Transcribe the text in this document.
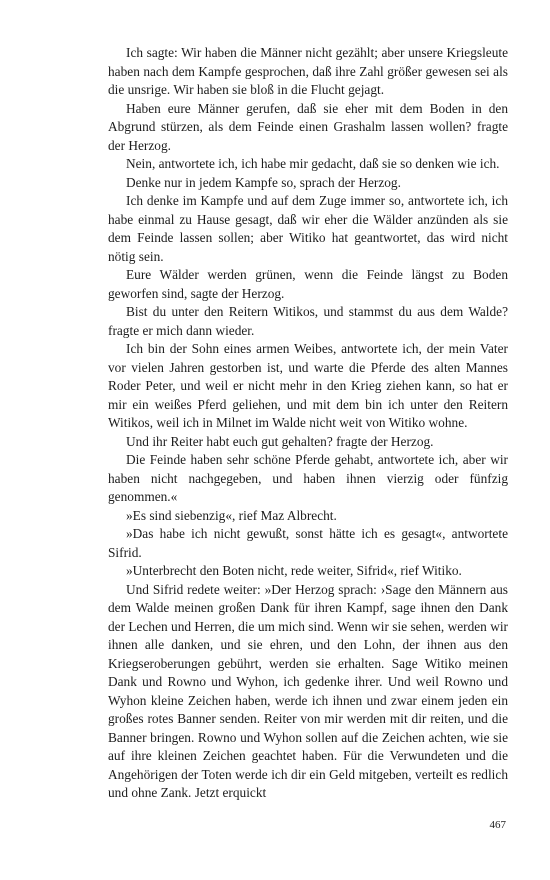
Ich sagte: Wir haben die Männer nicht gezählt; aber unsere Kriegsleute haben nach dem Kampfe gesprochen, daß ihre Zahl größer gewesen sei als die unsrige. Wir haben sie bloß in die Flucht gejagt.

Haben eure Männer gerufen, daß sie eher mit dem Boden in den Abgrund stürzen, als dem Feinde einen Grashalm lassen wollen? fragte der Herzog.

Nein, antwortete ich, ich habe mir gedacht, daß sie so denken wie ich.

Denke nur in jedem Kampfe so, sprach der Herzog.

Ich denke im Kampfe und auf dem Zuge immer so, antwortete ich, ich habe einmal zu Hause gesagt, daß wir eher die Wälder anzünden als sie dem Feinde lassen sollen; aber Witiko hat geantwortet, das wird nicht nötig sein.

Eure Wälder werden grünen, wenn die Feinde längst zu Boden geworfen sind, sagte der Herzog.

Bist du unter den Reitern Witikos, und stammst du aus dem Walde? fragte er mich dann wieder.

Ich bin der Sohn eines armen Weibes, antwortete ich, der mein Vater vor vielen Jahren gestorben ist, und warte die Pferde des alten Mannes Roder Peter, und weil er nicht mehr in den Krieg ziehen kann, so hat er mir ein weißes Pferd geliehen, und mit dem bin ich unter den Reitern Witikos, weil ich in Milnet im Walde nicht weit von Witiko wohne.

Und ihr Reiter habt euch gut gehalten? fragte der Herzog.

Die Feinde haben sehr schöne Pferde gehabt, antwortete ich, aber wir haben nicht nachgegeben, und haben ihnen vierzig oder fünfzig genommen.«

»Es sind siebenzig«, rief Maz Albrecht.

»Das habe ich nicht gewußt, sonst hätte ich es gesagt«, antwortete Sifrid.

»Unterbrecht den Boten nicht, rede weiter, Sifrid«, rief Witiko.

Und Sifrid redete weiter: »Der Herzog sprach: ›Sage den Männern aus dem Walde meinen großen Dank für ihren Kampf, sage ihnen den Dank der Lechen und Herren, die um mich sind. Wenn wir sie sehen, werden wir ihnen alle danken, und sie ehren, und den Lohn, der ihnen aus den Kriegseroberungen gebührt, werden sie erhalten. Sage Witiko meinen Dank und Rowno und Wyhon, ich gedenke ihrer. Und weil Rowno und Wyhon kleine Zeichen haben, werde ich ihnen und zwar einem jeden ein großes rotes Banner senden. Reiter von mir werden mit dir reiten, und die Banner bringen. Rowno und Wyhon sollen auf die Zeichen achten, wie sie auf ihre kleinen Zeichen geachtet haben. Für die Verwundeten und die Angehörigen der Toten werde ich dir ein Geld mitgeben, verteilt es redlich und ohne Zank. Jetzt erquickt

467
